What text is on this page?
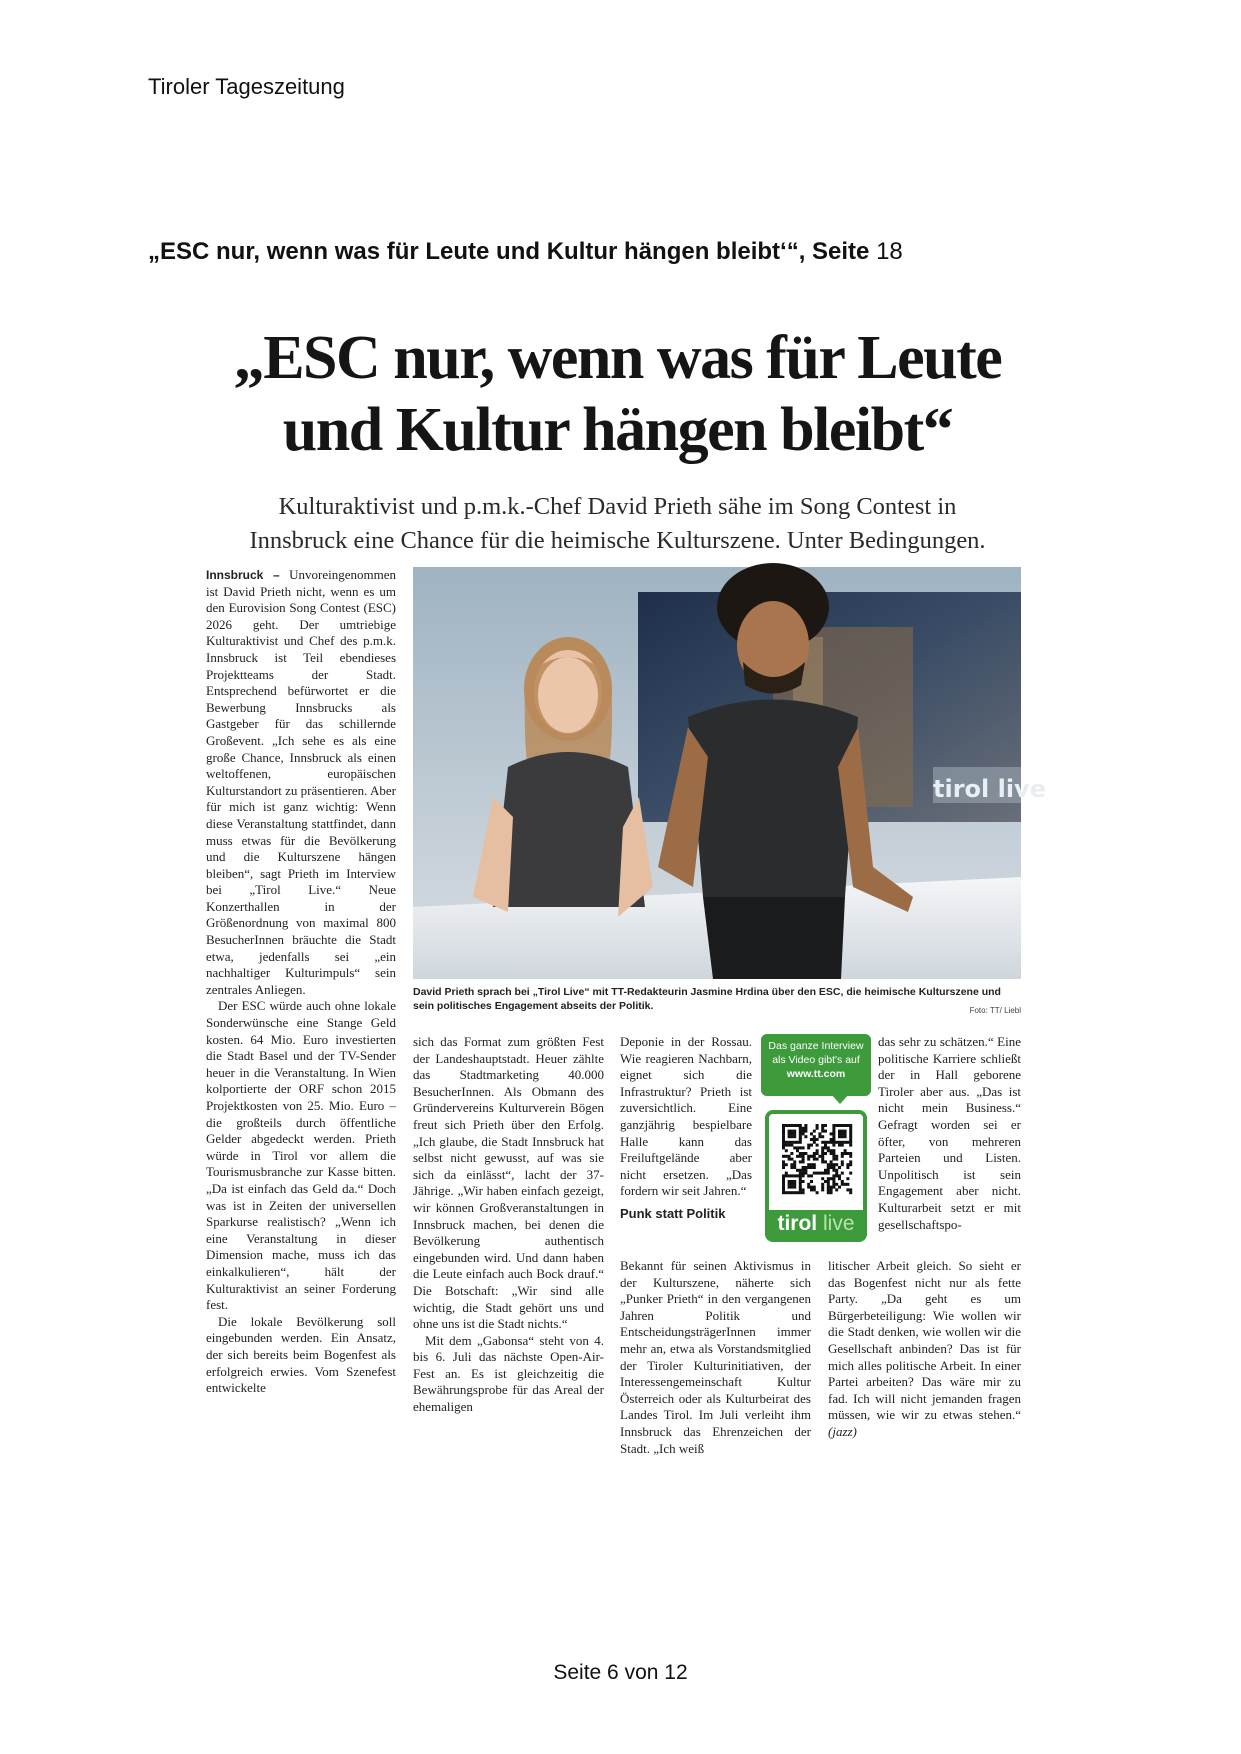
Tiroler Tageszeitung
„ESC nur, wenn was für Leute und Kultur hängen bleibt‘“, Seite 18
„ESC nur, wenn was für Leute
und Kultur hängen bleibt“
Kulturaktivist und p.m.k.-Chef David Prieth sähe im Song Contest in
Innsbruck eine Chance für die heimische Kulturszene. Unter Bedingungen.

Innsbruck – Unvoreingenommen ist David Prieth nicht, wenn es um den Eurovision Song Contest (ESC) 2026 geht. Der umtriebige Kulturaktivist und Chef des p.m.k. Innsbruck ist Teil ebendieses Projektteams der Stadt. Entsprechend befürwortet er die Bewerbung Innsbrucks als Gastgeber für das schillernde Großevent. „Ich sehe es als eine große Chance, Innsbruck als einen weltoffenen, europäischen Kulturstandort zu präsentieren. Aber für mich ist ganz wichtig: Wenn diese Veranstaltung stattfindet, dann muss etwas für die Bevölkerung und die Kulturszene hängen bleiben“, sagt Prieth im Interview bei „Tirol Live.“ Neue Konzerthallen in der Größenordnung von maximal 800 BesucherInnen bräuchte die Stadt etwa, jedenfalls sei „ein nachhaltiger Kulturimpuls“ sein zentrales Anliegen.

Der ESC würde auch ohne lokale Sonderwünsche eine Stange Geld kosten. 64 Mio. Euro investierten die Stadt Basel und der TV-Sender heuer in die Veranstaltung. In Wien kolportierte der ORF schon 2015 Projektkosten von 25. Mio. Euro – die großteils durch öffentliche Gelder abgedeckt werden. Prieth würde in Tirol vor allem die Tourismusbranche zur Kasse bitten. „Da ist einfach das Geld da.“ Doch was ist in Zeiten der universellen Sparkurse realistisch? „Wenn ich eine Veranstaltung in dieser Dimension mache, muss ich das einkalkulieren“, hält der Kulturaktivist an seiner Forderung fest.

Die lokale Bevölkerung soll eingebunden werden. Ein Ansatz, der sich bereits beim Bogenfest als erfolgreich erwies. Vom Szenefest entwickelte

tirol live
David Prieth sprach bei „Tirol Live“ mit TT-Redakteurin Jasmine Hrdina über den ESC, die heimische Kulturszene und sein politisches Engagement abseits der Politik.	Foto: TT/ Liebl

sich das Format zum größten Fest der Landeshauptstadt. Heuer zählte das Stadtmarketing 40.000 BesucherInnen. Als Obmann des Gründervereins Kulturverein Bögen freut sich Prieth über den Erfolg. „Ich glaube, die Stadt Innsbruck hat selbst nicht gewusst, auf was sie sich da einlässt“, lacht der 37-Jährige. „Wir haben einfach gezeigt, wir können Großveranstaltungen in Innsbruck machen, bei denen die Bevölkerung authentisch eingebunden wird. Und dann haben die Leute einfach auch Bock drauf.“ Die Botschaft: „Wir sind alle wichtig, die Stadt gehört uns und ohne uns ist die Stadt nichts.“

Mit dem „Gabonsa“ steht von 4. bis 6. Juli das nächste Open-Air-Fest an. Es ist gleichzeitig die Bewährungsprobe für das Areal der ehemaligen

Deponie in der Rossau. Wie reagieren Nachbarn, eignet sich die Infrastruktur? Prieth ist zuversichtlich. Eine ganzjährig bespielbare Halle kann das Freiluftgelände aber nicht ersetzen. „Das fordern wir seit Jahren.“

Punk statt Politik

Bekannt für seinen Aktivismus in der Kulturszene, näherte sich „Punker Prieth“ in den vergangenen Jahren Politik und EntscheidungsträgerInnen immer mehr an, etwa als Vorstandsmitglied der Tiroler Kulturinitiativen, der Interessengemeinschaft Kultur Österreich oder als Kulturbeirat des Landes Tirol. Im Juli verleiht ihm Innsbruck das Ehrenzeichen der Stadt. „Ich weiß

Das ganze Interview
als Video gibt's auf
www.tt.com
tirol live

das sehr zu schätzen.“ Eine politische Karriere schließt der in Hall geborene Tiroler aber aus. „Das ist nicht mein Business.“ Gefragt worden sei er öfter, von mehreren Parteien und Listen. Unpolitisch ist sein Engagement aber nicht. Kulturarbeit setzt er mit gesellschaftspo-

litischer Arbeit gleich. So sieht er das Bogenfest nicht nur als fette Party. „Da geht es um Bürgerbeteiligung: Wie wollen wir die Stadt denken, wie wollen wir die Gesellschaft anbinden? Das ist für mich alles politische Arbeit. In einer Partei arbeiten? Das wäre mir zu fad. Ich will nicht jemanden fragen müssen, wie wir zu etwas stehen.“ (jazz)

Seite 6 von 12
